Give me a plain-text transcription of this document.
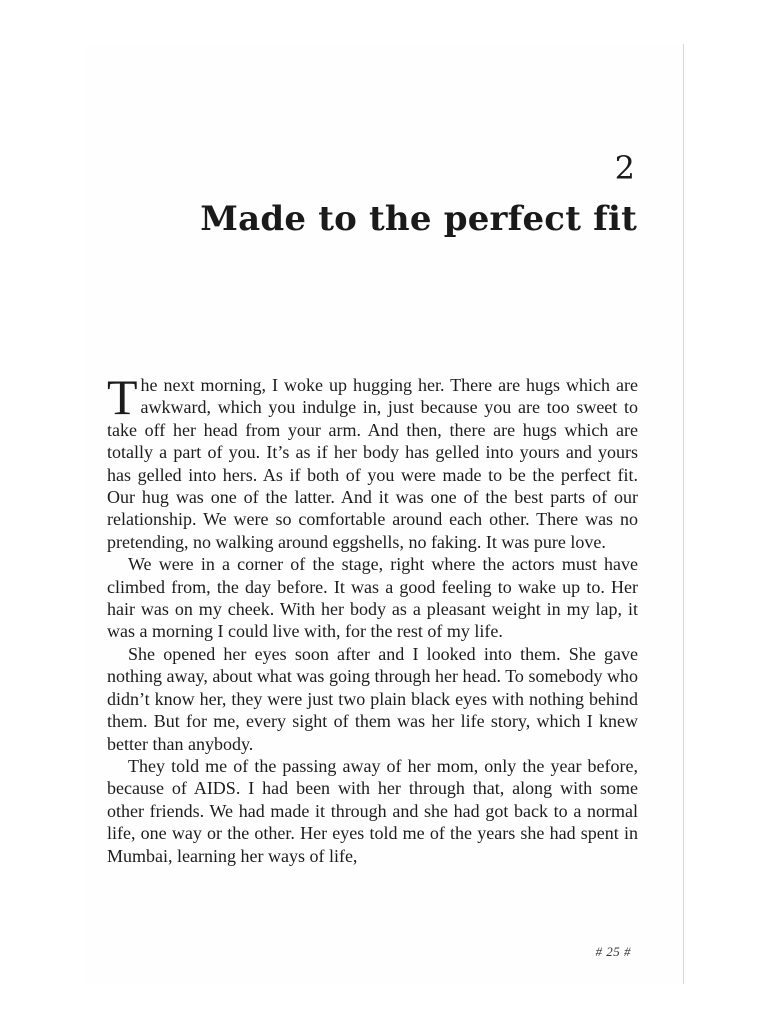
2
Made to the perfect fit

T he next morning, I woke up hugging her. There are hugs which are awkward, which you indulge in, just because you are too sweet to take off her head from your arm. And then, there are hugs which are totally a part of you. It’s as if her body has gelled into yours and yours has gelled into hers. As if both of you were made to be the perfect fit. Our hug was one of the latter. And it was one of the best parts of our relationship. We were so comfortable around each other. There was no pretending, no walking around eggshells, no faking. It was pure love.

We were in a corner of the stage, right where the actors must have climbed from, the day before. It was a good feeling to wake up to. Her hair was on my cheek. With her body as a pleasant weight in my lap, it was a morning I could live with, for the rest of my life.

She opened her eyes soon after and I looked into them. She gave nothing away, about what was going through her head. To somebody who didn’t know her, they were just two plain black eyes with nothing behind them. But for me, every sight of them was her life story, which I knew better than anybody.

They told me of the passing away of her mom, only the year before, because of AIDS. I had been with her through that, along with some other friends. We had made it through and she had got back to a normal life, one way or the other. Her eyes told me of the years she had spent in Mumbai, learning her ways of life,

# 25 #
